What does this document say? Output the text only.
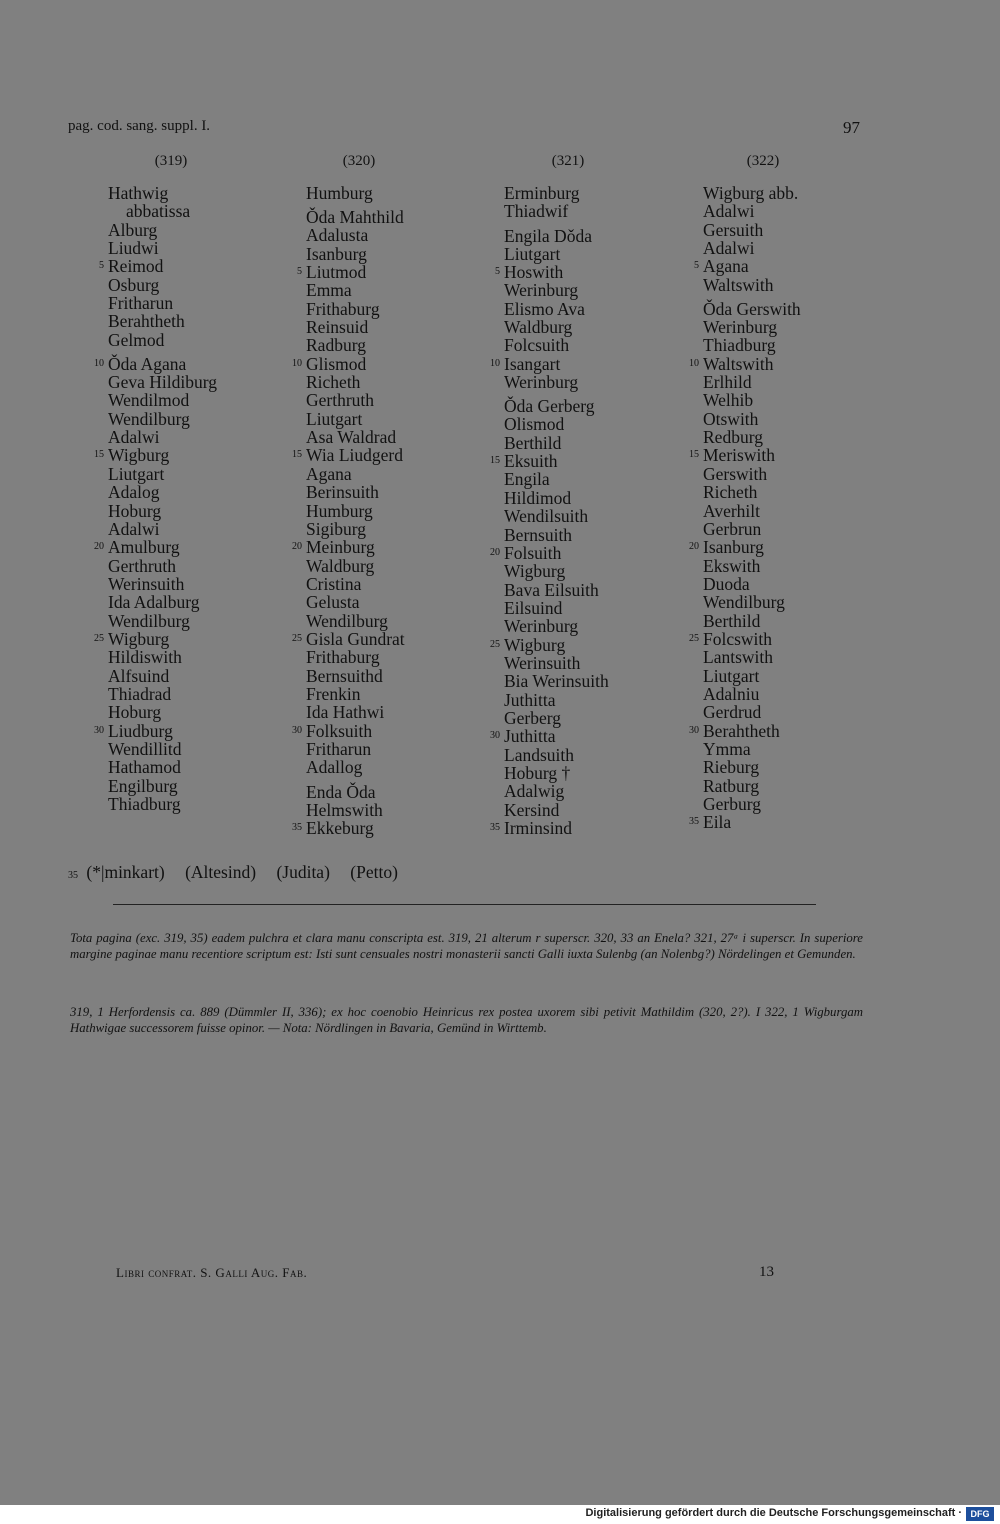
pag. cod. sang. suppl. I.	97
(319)
Hathwig
abbatissa
Alburg
Liudwi
5 Reimod
Osburg
Fritharun
Berahtheth
Gelmod
10 Ǒda Agana
Geva Hildiburg
Wendilmod
Wendilburg
Adalwi
15 Wigburg
Liutgart
Adalog
Hoburg
Adalwi
20 Amulburg
Gerthruth
Werinsuith
Ida Adalburg
Wendilburg
25 Wigburg
Hildiswith
Alfsuind
Thiadrad
Hoburg
30 Liudburg
Wendillitd
Hathamod
Engilburg
Thiadburg
(320)
Humburg
Ǒda Mahthild
Adalusta
Isanburg
5 Liutmod
Emma
Frithaburg
Reinsuid
Radburg
10 Glismod
Richeth
Gerthruth
Liutgart
Asa Waldrad
15 Wia Liudgerd
Agana
Berinsuith
Humburg
Sigiburg
20 Meinburg
Waldburg
Cristina
Gelusta
Wendilburg
25 Gisla Gundrat
Frithaburg
Bernsuithd
Frenkin
Ida Hathwi
30 Folksuith
Fritharun
Adallog
Enda Ǒda
Helmswith
35 Ekkeburg
(321)
Erminburg
Thiadwif
Engila Dǒda
Liutgart
5 Hoswith
Werinburg
Elismo Ava
Waldburg
Folcsuith
10 Isangart
Werinburg
Ǒda Gerberg
Olismod
Berthild
15 Eksuith
Engila
Hildimod
Wendilsuith
Bernsuith
20 Folsuith
Wigburg
Bava Eilsuith
Eilsuind
Werinburg
25 Wigburg
Werinsuith
Bia Werinsuith
Juthitta
Gerberg
30 Juthitta
Landsuith
Hoburg †
Adalwig
Kersind
35 Irminsind
(322)
Wigburg abb.
Adalwi
Gersuith
Adalwi
5 Agana
Waltswith
Ǒda Gerswith
Werinburg
Thiadburg
10 Waltswith
Erlhild
Welhib
Otswith
Redburg
15 Meriswith
Gerswith
Richeth
Averhilt
Gerbrun
20 Isanburg
Ekswith
Duoda
Wendilburg
Berthild
25 Folcswith
Lantswith
Liutgart
Adalniu
Gerdrud
30 Berahtheth
Ymma
Rieburg
Ratburg
Gerburg
35 Eila
35 (*|minkart) (Altesind) (Judita) (Petto)
Tota pagina (exc. 319, 35) eadem pulchra et clara manu conscripta est. 319, 21 alterum r superscr. 320, 33 an Enela? 321, 27ᵃ i superscr. In superiore margine paginae manu recentiore scriptum est: Isti sunt censuales nostri monasterii sancti Galli iuxta Sulenbg (an Nolenbg?) Nördelingen et Gemunden.
319, 1 Herfordensis ca. 889 (Dümmler II, 336); ex hoc coenobio Heinricus rex postea uxorem sibi petivit Mathildim (320, 2?). I 322, 1 Wigburgam Hathwigae successorem fuisse opinor. — Nota: Nördlingen in Bavaria, Gemünd in Wirttemb.
Libri confrat. S. Galli Aug. Fab.	13
Digitalisierung gefördert durch die Deutsche Forschungsgemeinschaft · DFG
